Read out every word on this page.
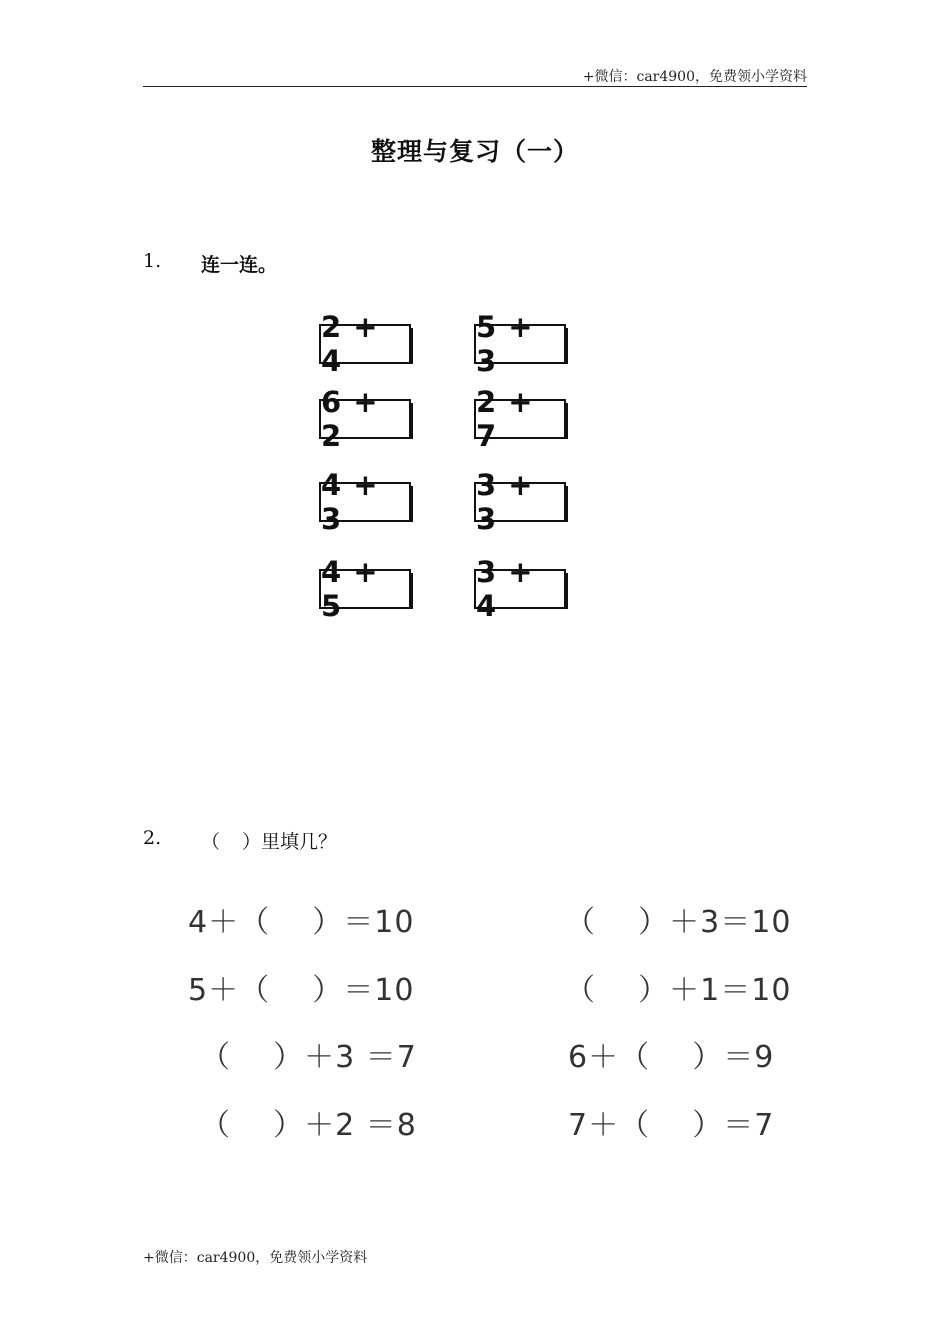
+微信：car4900，免费领小学资料
整理与复习（一）
1. 连一连。
2 + 4
6 + 2
4 + 3
4 + 5
5 + 3
2 + 7
3 + 3
3 + 4
2. （ ）里填几？
4＋（    ）＝10
5＋（    ）＝10
（    ）＋3 ＝7
（    ）＋2 ＝8
（    ）＋3＝10
（    ）＋1＝10
6＋（    ）＝9
7＋（    ）＝7
+微信：car4900，免费领小学资料
